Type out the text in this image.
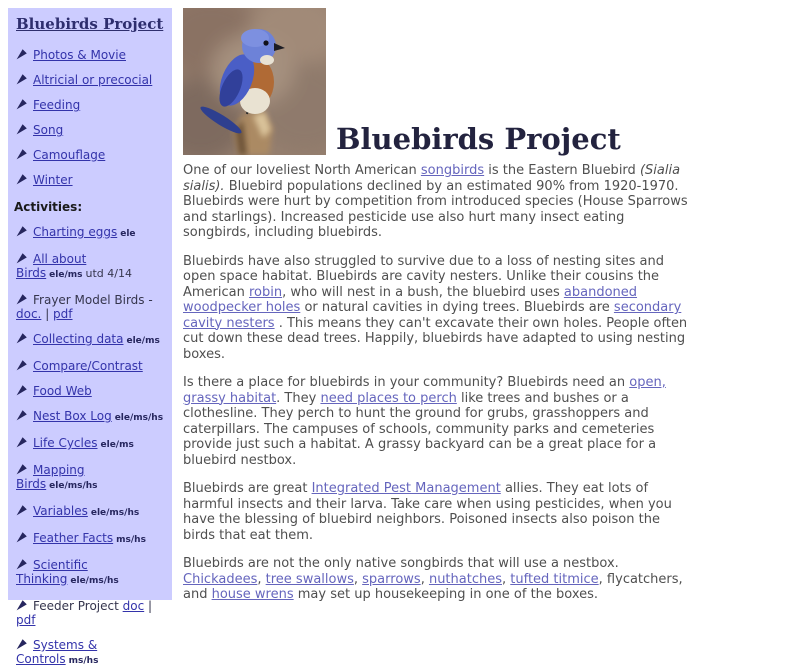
Bluebirds Project
Photos & Movie
Altricial or precocial
Feeding
Song
Camouflage
Winter
Activities:
Charting eggs ele
All about Birds ele/ms utd 4/14
Frayer Model Birds - doc. | pdf
Collecting data ele/ms
Compare/Contrast
Food Web
Nest Box Log ele/ms/hs
Life Cycles ele/ms
Mapping Birds ele/ms/hs
Variables ele/ms/hs
Feather Facts ms/hs
Scientific Thinking ele/ms/hs
Feeder Project doc | pdf
Systems & Controls ms/hs
Bluebirds Project

One of our loveliest North American songbirds is the Eastern Bluebird (Sialia sialis). Bluebird populations declined by an estimated 90% from 1920-1970. Bluebirds were hurt by competition from introduced species (House Sparrows and starlings). Increased pesticide use also hurt many insect eating songbirds, including bluebirds.

Bluebirds have also struggled to survive due to a loss of nesting sites and open space habitat. Bluebirds are cavity nesters. Unlike their cousins the American robin, who will nest in a bush, the bluebird uses abandoned woodpecker holes or natural cavities in dying trees. Bluebirds are secondary cavity nesters . This means they can't excavate their own holes. People often cut down these dead trees. Happily, bluebirds have adapted to using nesting boxes.

Is there a place for bluebirds in your community? Bluebirds need an open, grassy habitat. They need places to perch like trees and bushes or a clothesline. They perch to hunt the ground for grubs, grasshoppers and caterpillars. The campuses of schools, community parks and cemeteries provide just such a habitat. A grassy backyard can be a great place for a bluebird nestbox.

Bluebirds are great Integrated Pest Management allies. They eat lots of harmful insects and their larva. Take care when using pesticides, when you have the blessing of bluebird neighbors. Poisoned insects also poison the birds that eat them.

Bluebirds are not the only native songbirds that will use a nestbox. Chickadees, tree swallows, sparrows, nuthatches, tufted titmice, flycatchers, and house wrens may set up housekeeping in one of the boxes.
